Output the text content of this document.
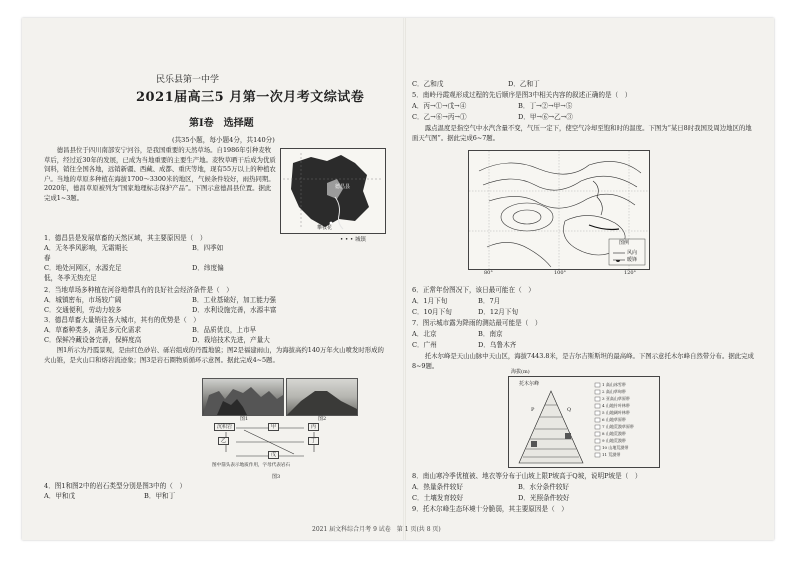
民乐县第一中学
2021届高三5 月第一次月考文综试卷
第Ⅰ卷　选择题
(共35小题，每小题4分，共140分)
德昌县位于四川南部安宁河谷，是我国重要的天然草场。自1986年引种麦牧草后，经过近30年的发展，已成为当地重要的主要生产地。麦牧草晒干后成为优质饲料，销往全国各地，远销新疆、西藏、成都、重庆等地，现有55万以上的种植农户。当地的草原多种植在海拔1700～3300米的地区，气候条件较好，雨热同期。2020年，德昌草原被列为“国家地理标志保护产品”。下图示意德昌县位置。据此完成1~3题。
德昌县
攀枝花
• • • 城镇
1．德昌县是发展草畜的天然区域，其主要原因是（　）
A．无冬季风影响，无霜期长	B．四季如
春
C．地处河网区，水源充足	D．纬度偏
低，冬季无热充足
2．当地草场多种植在河谷地带具有的良好社会经济条件是（　）
A．城镇密布，市场较广阔	B．工业基础好，加工能力强
C．交通便利，劳动力较多	D．水利设施完善，水源丰富
3．德昌草畜大量销往各大城市，其有的优势是（　）
A．草畜种类多，满足多元化需求	B．品质优良，上市早
C．保鲜冷藏设备完善，保鲜度高	D．栽培技术先进，产量大
图1所示为丹霞景观，是由红色砂岩、砾岩组成的丹霞地貌；图2是福建雨山，为海拔高约140万年火山喷发时形成的火山锥，是火山口和熔岩流迹象；图3是岩石圈物质循环示意图。据此完成4~5题。
图1	图2
沉积岩	甲
乙
丙
丁
戊
图中箭头表示地质作用，字母代表岩石
图3
4．图1和图2中的岩石类型分别是图3中的（　）
A．甲和戊	B．甲和丁
C．乙和戊	D．乙和丁
5．南岭丹霞观形成过程的先后顺序是图3中相关内容的叙述正确的是（　）
A．丙→①→戊→④	B．丁→②→甲→⑤
C．乙→⑥→丙→①	D．甲→⑥→乙→③
露点温度是指空气中水汽含量不变，气压一定下，使空气冷却至饱和时的温度。下图为“某日8时我国及周边地区的地面天气图”。据此完成6~7题。
图例
风向
暖锋
80°	100°	120°
6．正常年份图况下，该日最可能在（　）
A．1月下旬	B．7月
C．10月下旬	D．12月下旬
7．图示城市露为降雨的测站最可能是（　）
A．北京	B．南京
C．广州	D．乌鲁木齐
托木尔峰是天山山脉中天山区，海拔7443.8米，是吉尔吉斯斯坦的最高峰。下图示意托木尔峰自然带分布。据此完成8~9题。
海拔(m)
托木尔峰
P	Q
1 高山冰雪带
2 高山草甸带
3 亚高山草原带
4 山地针叶林带
5 山地阔叶林带
6 山地草原带
7 山地荒漠草原带
8 山地荒漠带
9 山地荒漠带
10 山地荒漠带
11 荒漠带
8．南山寒冷季优植被、地衣等分布于山坡上限P坡高于Q坡，说明P坡是（　）
A．热量条件较好	B．水分条件较好
C．土壤发育较好	D．光照条件较好
9．托木尔峰生态环境十分脆弱，其主要原因是（　）
2021 届文科综合月考 9 试卷　第 1 页(共 8 页)
